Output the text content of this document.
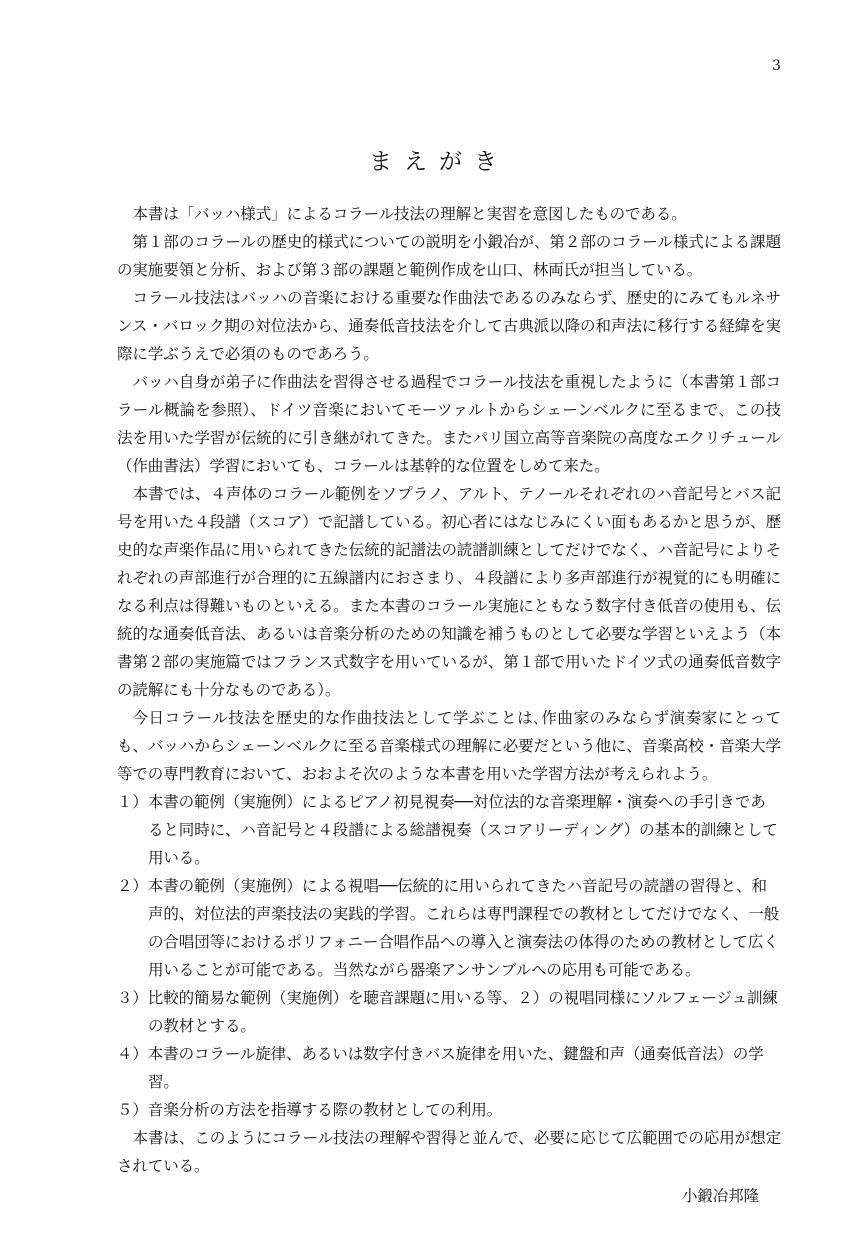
3
まえがき

本書は「バッハ様式」によるコラール技法の理解と実習を意図したものである。

第１部のコラールの歴史的様式についての説明を小鍛冶が、第２部のコラール様式による課題の実施要領と分析、および第３部の課題と範例作成を山口、林両氏が担当している。

コラール技法はバッハの音楽における重要な作曲法であるのみならず、歴史的にみてもルネサンス・バロック期の対位法から、通奏低音技法を介して古典派以降の和声法に移行する経緯を実際に学ぶうえで必須のものであろう。

バッハ自身が弟子に作曲法を習得させる過程でコラール技法を重視したように（本書第１部コラール概論を参照）、ドイツ音楽においてモーツァルトからシェーンベルクに至るまで、この技法を用いた学習が伝統的に引き継がれてきた。またパリ国立高等音楽院の高度なエクリチュール（作曲書法）学習においても、コラールは基幹的な位置をしめて来た。

本書では、４声体のコラール範例をソプラノ、アルト、テノールそれぞれのハ音記号とバス記号を用いた４段譜（スコア）で記譜している。初心者にはなじみにくい面もあるかと思うが、歴史的な声楽作品に用いられてきた伝統的記譜法の読譜訓練としてだけでなく、ハ音記号によりそれぞれの声部進行が合理的に五線譜内におさまり、４段譜により多声部進行が視覚的にも明確になる利点は得難いものといえる。また本書のコラール実施にともなう数字付き低音の使用も、伝統的な通奏低音法、あるいは音楽分析のための知識を補うものとして必要な学習といえよう（本書第２部の実施篇ではフランス式数字を用いているが、第１部で用いたドイツ式の通奏低音数字の読解にも十分なものである）。

今日コラール技法を歴史的な作曲技法として学ぶことは､作曲家のみならず演奏家にとっても、バッハからシェーンベルクに至る音楽様式の理解に必要だという他に、音楽高校・音楽大学等での専門教育において、おおよそ次のような本書を用いた学習方法が考えられよう。

１）本書の範例（実施例）によるピアノ初見視奏──対位法的な音楽理解・演奏への手引きであると同時に、ハ音記号と４段譜による総譜視奏（スコアリーディング）の基本的訓練として用いる。
２）本書の範例（実施例）による視唱──伝統的に用いられてきたハ音記号の読譜の習得と、和声的、対位法的声楽技法の実践的学習。これらは専門課程での教材としてだけでなく、一般の合唱団等におけるポリフォニー合唱作品への導入と演奏法の体得のための教材として広く用いることが可能である。当然ながら器楽アンサンブルへの応用も可能である。
３）比較的簡易な範例（実施例）を聴音課題に用いる等、２）の視唱同様にソルフェージュ訓練の教材とする。
４）本書のコラール旋律、あるいは数字付きバス旋律を用いた、鍵盤和声（通奏低音法）の学習。
５）音楽分析の方法を指導する際の教材としての利用。

本書は、このようにコラール技法の理解や習得と並んで、必要に応じて広範囲での応用が想定されている。

小鍛冶邦隆
